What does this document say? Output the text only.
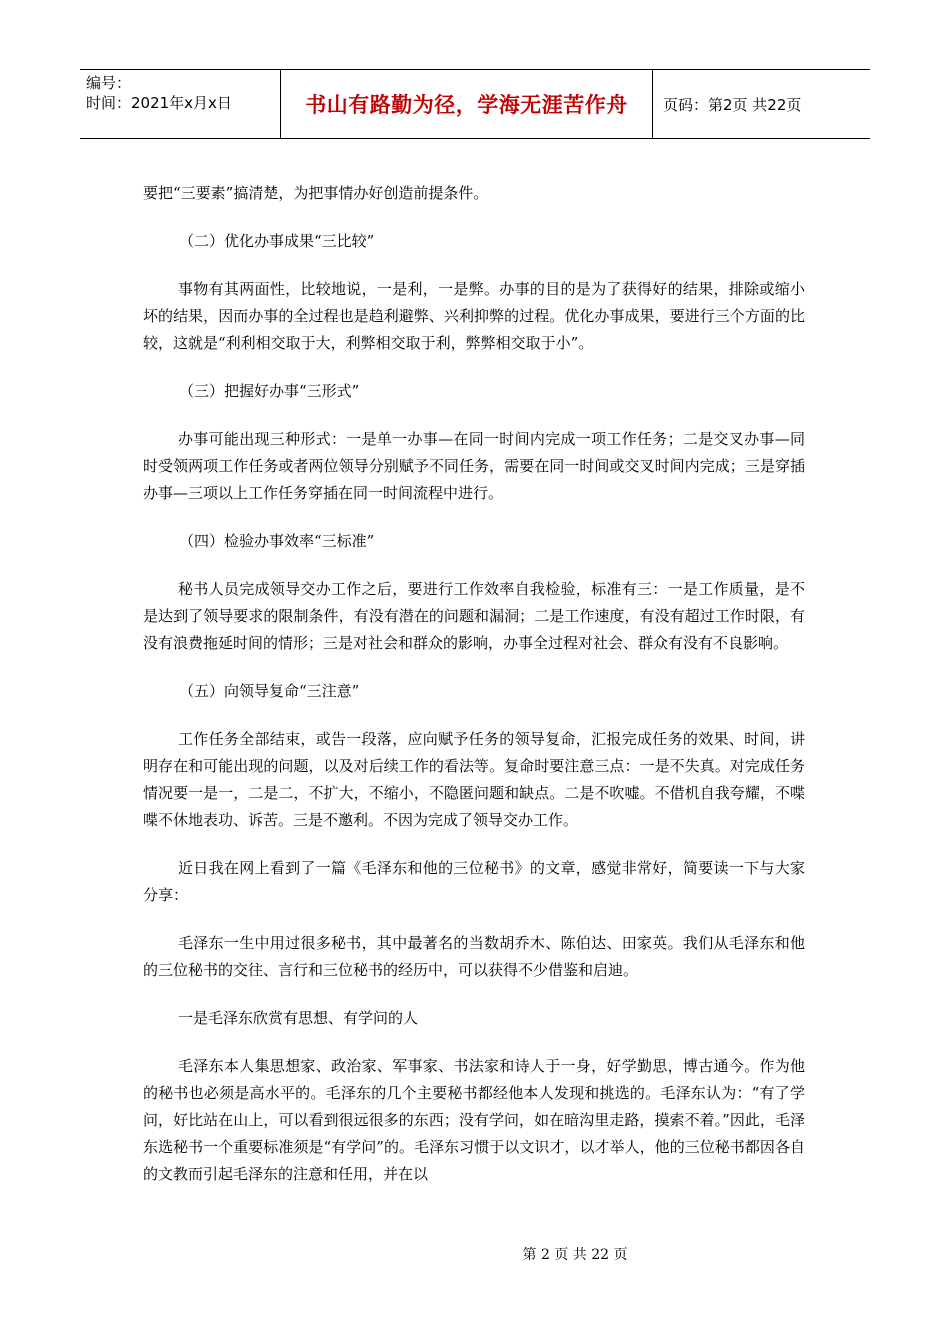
编号：
时间：2021年x月x日	书山有路勤为径，学海无涯苦作舟	页码：第2页 共22页

要把“三要素”搞清楚，为把事情办好创造前提条件。

（二）优化办事成果“三比较”

事物有其两面性，比较地说，一是利，一是弊。办事的目的是为了获得好的结果，排除或缩小坏的结果，因而办事的全过程也是趋利避弊、兴利抑弊的过程。优化办事成果，要进行三个方面的比较，这就是“利利相交取于大，利弊相交取于利，弊弊相交取于小”。

（三）把握好办事“三形式”

办事可能出现三种形式：一是单一办事—在同一时间内完成一项工作任务；二是交叉办事—同时受领两项工作任务或者两位领导分别赋予不同任务，需要在同一时间或交叉时间内完成；三是穿插办事—三项以上工作任务穿插在同一时间流程中进行。

（四）检验办事效率“三标准”

秘书人员完成领导交办工作之后，要进行工作效率自我检验，标准有三：一是工作质量，是不是达到了领导要求的限制条件，有没有潜在的问题和漏洞；二是工作速度，有没有超过工作时限，有没有浪费拖延时间的情形；三是对社会和群众的影响，办事全过程对社会、群众有没有不良影响。

（五）向领导复命“三注意”

工作任务全部结束，或告一段落，应向赋予任务的领导复命，汇报完成任务的效果、时间，讲明存在和可能出现的问题，以及对后续工作的看法等。复命时要注意三点：一是不失真。对完成任务情况要一是一，二是二，不扩大，不缩小，不隐匿问题和缺点。二是不吹嘘。不借机自我夸耀，不喋喋不休地表功、诉苦。三是不邀利。不因为完成了领导交办工作。

近日我在网上看到了一篇《毛泽东和他的三位秘书》的文章，感觉非常好，简要读一下与大家分享：

毛泽东一生中用过很多秘书，其中最著名的当数胡乔木、陈伯达、田家英。我们从毛泽东和他的三位秘书的交往、言行和三位秘书的经历中，可以获得不少借鉴和启迪。

一是毛泽东欣赏有思想、有学问的人

毛泽东本人集思想家、政治家、军事家、书法家和诗人于一身，好学勤思，博古通今。作为他的秘书也必须是高水平的。毛泽东的几个主要秘书都经他本人发现和挑选的。毛泽东认为：“有了学问，好比站在山上，可以看到很远很多的东西；没有学问，如在暗沟里走路，摸索不着。”因此，毛泽东选秘书一个重要标准须是“有学问”的。毛泽东习惯于以文识才，以才举人，他的三位秘书都因各自的文教而引起毛泽东的注意和任用，并在以

第 2 页 共 22 页
